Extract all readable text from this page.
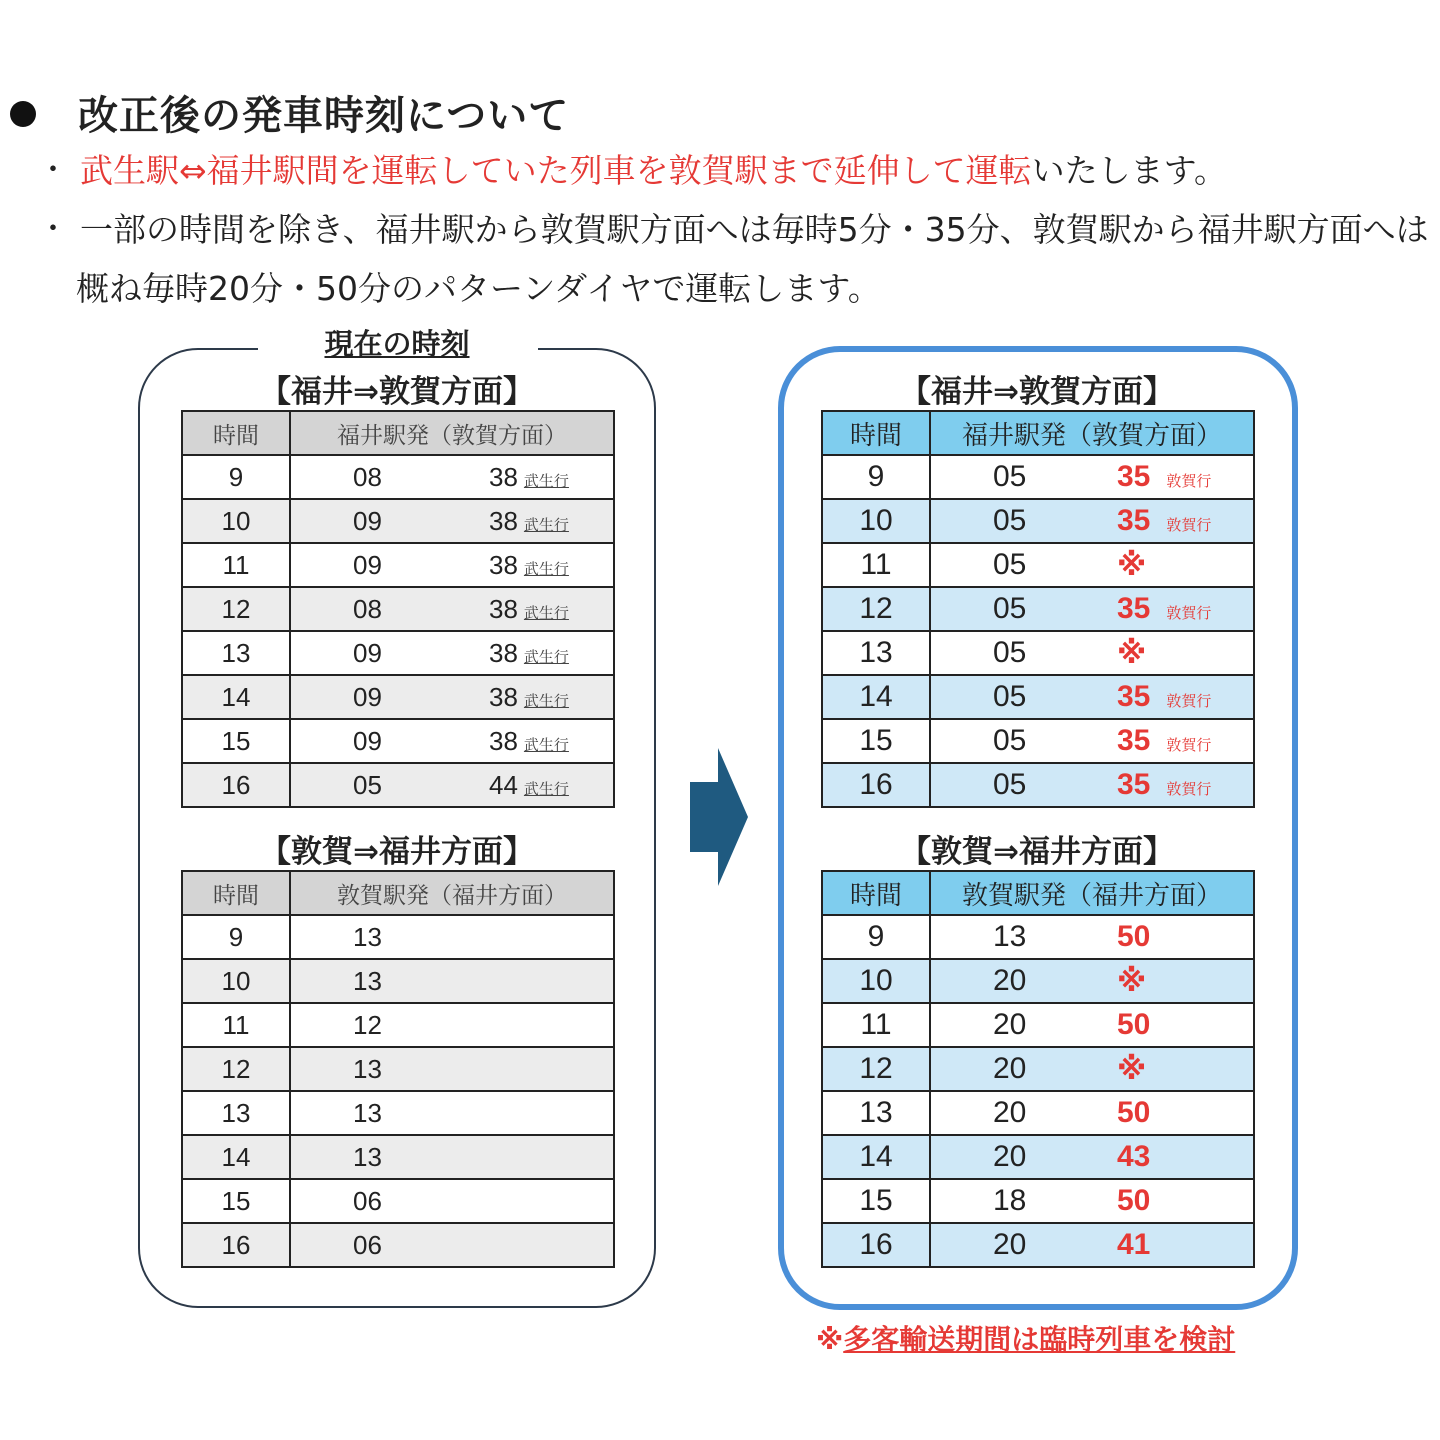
改正後の発車時刻について
・ 武生駅⇔福井駅間を運転していた列車を敦賀駅まで延伸して運転いたします。
・ 一部の時間を除き、福井駅から敦賀駅方面へは毎時5分・35分、敦賀駅から福井駅方面へは
概ね毎時20分・50分のパターンダイヤで運転します。
現在の時刻
【福井⇒敦賀方面】
時間	福井駅発（敦賀方面）
9	08 38 武生行

10	09 38 武生行

11	09 38 武生行

12	08 38 武生行

13	09 38 武生行

14	09 38 武生行

15	09 38 武生行

16	05 44 武生行
【敦賀⇒福井方面】
時間	敦賀駅発（福井方面）
9	13

10	13

11	12

12	13

13	13

14	13

15	06

16	06
【福井⇒敦賀方面】
時間	福井駅発（敦賀方面）
9	05 35 敦賀行

10	05 35 敦賀行

11	05 ※

12	05 35 敦賀行

13	05 ※

14	05 35 敦賀行

15	05 35 敦賀行

16	05 35 敦賀行
【敦賀⇒福井方面】
時間	敦賀駅発（福井方面）
9	13 50

10	20 ※

11	20 50

12	20 ※

13	20 50

14	20 43

15	18 50

16	20 41
※多客輸送期間は臨時列車を検討
